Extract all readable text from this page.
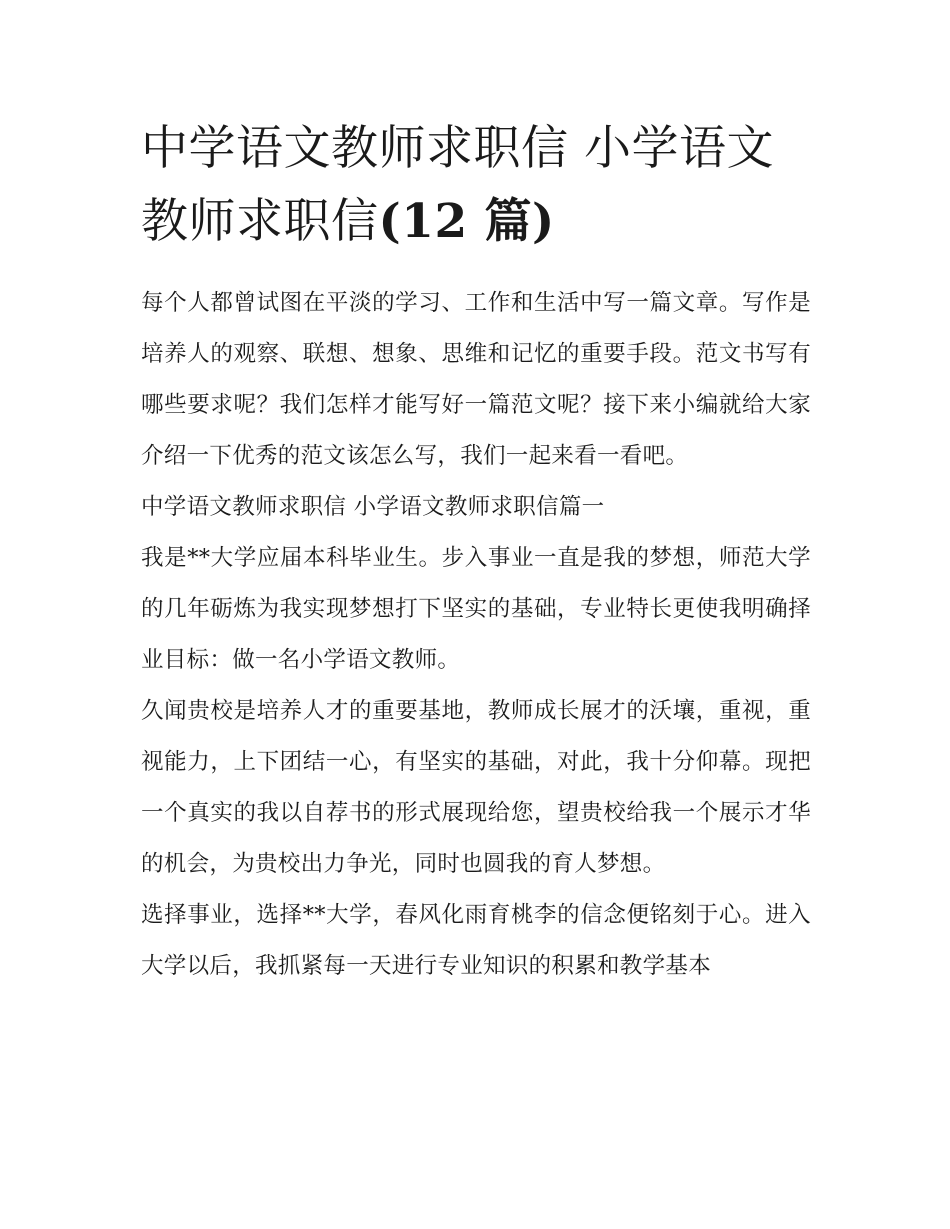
中学语文教师求职信 小学语文
教师求职信(12 篇)

每个人都曾试图在平淡的学习、工作和生活中写一篇文章。写作是培养人的观察、联想、想象、思维和记忆的重要手段。范文书写有哪些要求呢？我们怎样才能写好一篇范文呢？接下来小编就给大家介绍一下优秀的范文该怎么写，我们一起来看一看吧。

中学语文教师求职信 小学语文教师求职信篇一

我是**大学应届本科毕业生。步入事业一直是我的梦想，师范大学的几年砺炼为我实现梦想打下坚实的基础，专业特长更使我明确择业目标：做一名小学语文教师。

久闻贵校是培养人才的重要基地，教师成长展才的沃壤，重视，重视能力，上下团结一心，有坚实的基础，对此，我十分仰幕。现把一个真实的我以自荐书的形式展现给您，望贵校给我一个展示才华的机会，为贵校出力争光，同时也圆我的育人梦想。

选择事业，选择**大学，春风化雨育桃李的信念便铭刻于心。进入大学以后，我抓紧每一天进行专业知识的积累和教学基本
